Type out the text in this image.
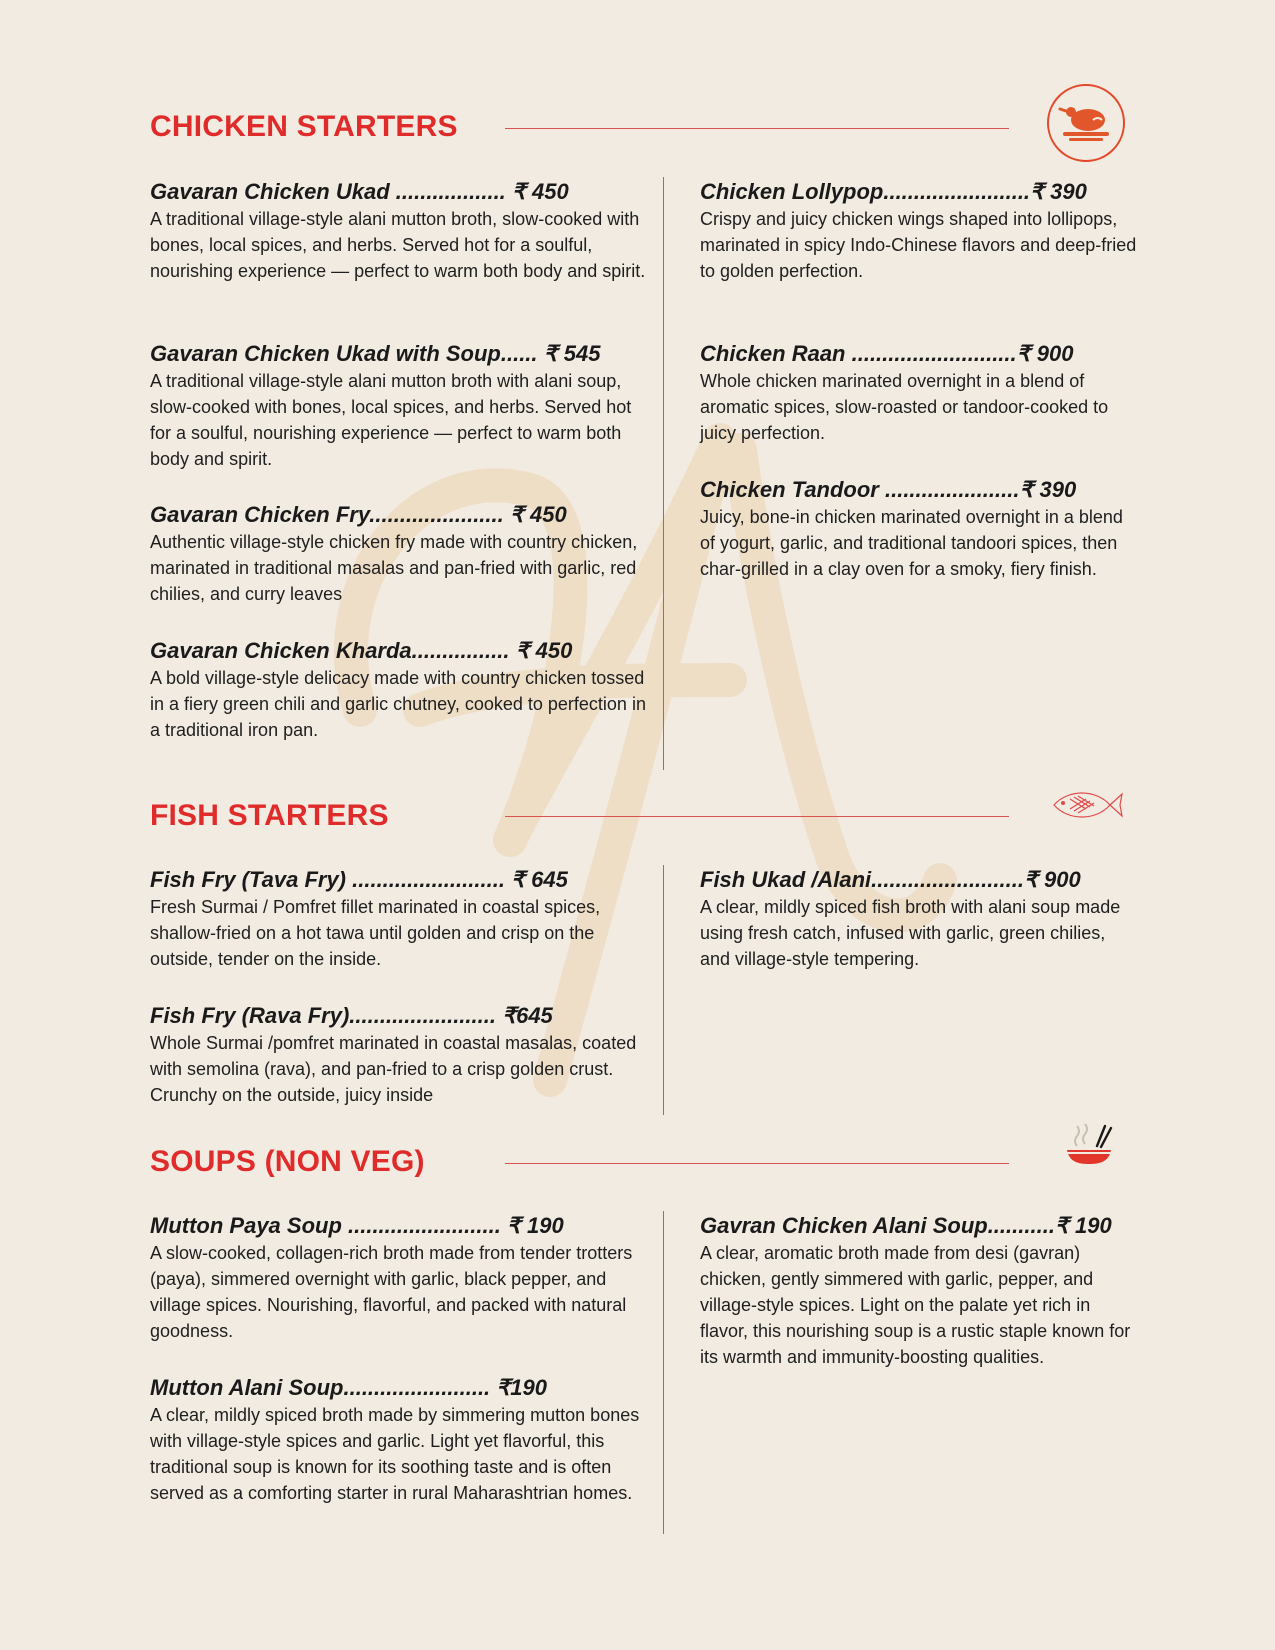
CHICKEN STARTERS

Gavaran Chicken Ukad .................. ₹ 450

A traditional village-style alani mutton broth, slow-cooked with bones, local spices, and herbs. Served hot for a soulful, nourishing experience — perfect to warm both body and spirit.

Gavaran Chicken Ukad with Soup...... ₹ 545

A traditional village-style alani mutton broth with alani soup, slow-cooked with bones, local spices, and herbs. Served hot for a soulful, nourishing experience — perfect to warm both body and spirit.

Gavaran Chicken Fry...................... ₹ 450

Authentic village-style chicken fry made with country chicken, marinated in traditional masalas and pan-fried with garlic, red chilies, and curry leaves

Gavaran Chicken Kharda................ ₹ 450

A bold village-style delicacy made with country chicken tossed in a fiery green chili and garlic chutney, cooked to perfection in a traditional iron pan.

Chicken Lollypop........................₹ 390

Crispy and juicy chicken wings shaped into lollipops, marinated in spicy Indo-Chinese flavors and deep-fried to golden perfection.

Chicken Raan ...........................₹ 900

Whole chicken marinated overnight in a blend of aromatic spices, slow-roasted or tandoor-cooked to juicy perfection.

Chicken Tandoor ......................₹ 390

Juicy, bone-in chicken marinated overnight in a blend of yogurt, garlic, and traditional tandoori spices, then char-grilled in a clay oven for a smoky, fiery finish.

FISH STARTERS

Fish Fry (Tava Fry) ......................... ₹ 645

Fresh Surmai / Pomfret fillet marinated in coastal spices, shallow-fried on a hot tawa until golden and crisp on the outside, tender on the inside.

Fish Fry (Rava Fry)........................ ₹645

Whole Surmai /pomfret marinated in coastal masalas, coated with semolina (rava), and pan-fried to a crisp golden crust. Crunchy on the outside, juicy inside

Fish Ukad /Alani.........................₹ 900

A clear, mildly spiced fish broth with alani soup made using fresh catch, infused with garlic, green chilies, and village-style tempering.

SOUPS (NON VEG)

Mutton Paya Soup ......................... ₹ 190

A slow-cooked, collagen-rich broth made from tender trotters (paya), simmered overnight with garlic, black pepper, and village spices. Nourishing, flavorful, and packed with natural goodness.

Mutton Alani Soup........................ ₹190

A clear, mildly spiced broth made by simmering mutton bones with village-style spices and garlic. Light yet flavorful, this traditional soup is known for its soothing taste and is often served as a comforting starter in rural Maharashtrian homes.

Gavran Chicken Alani Soup...........₹ 190

A clear, aromatic broth made from desi (gavran) chicken, gently simmered with garlic, pepper, and village-style spices. Light on the palate yet rich in flavor, this nourishing soup is a rustic staple known for its warmth and immunity-boosting qualities.
